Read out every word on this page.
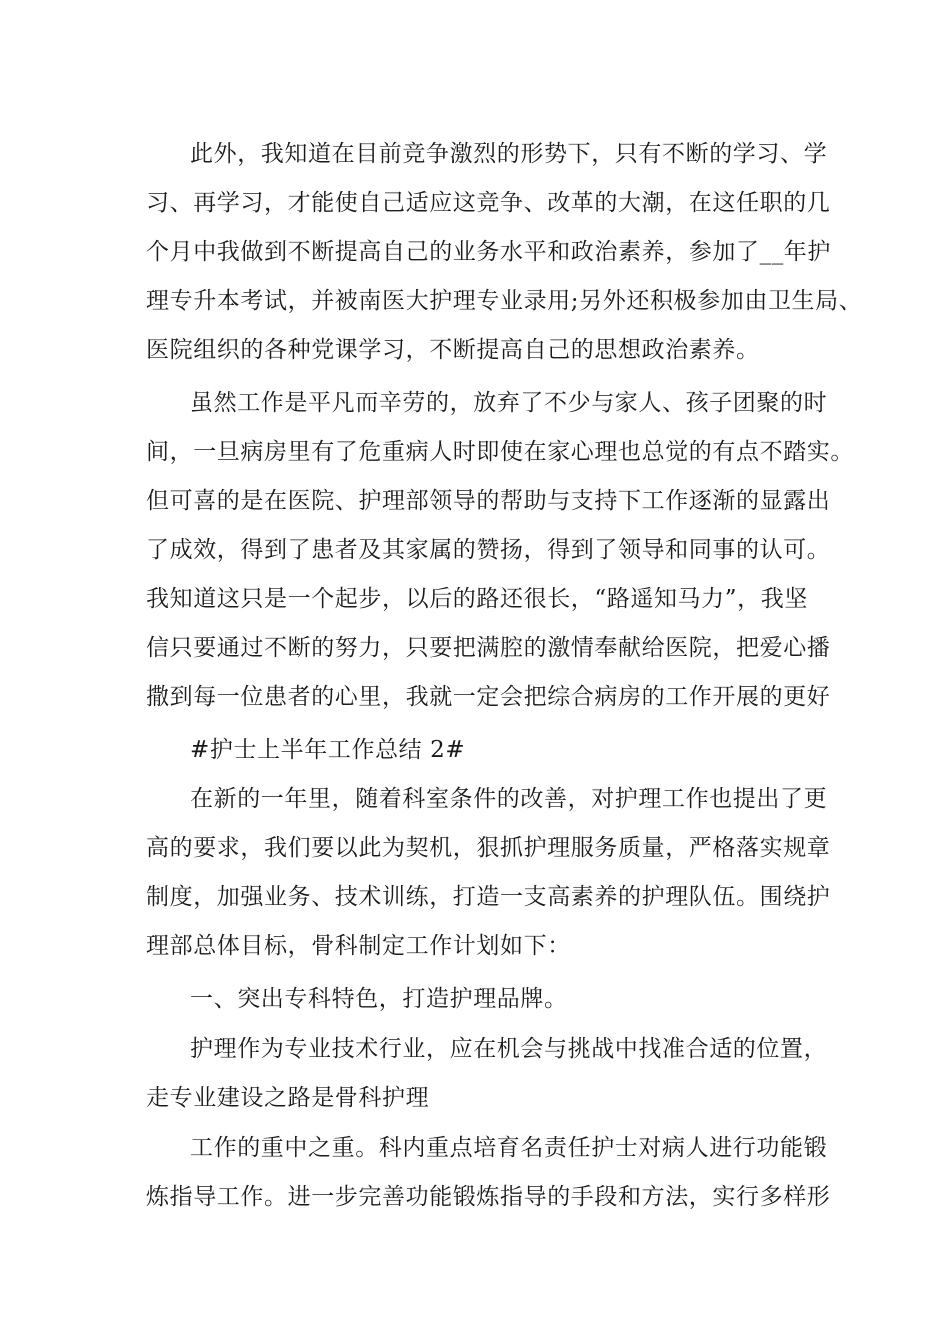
此外，我知道在目前竞争激烈的形势下，只有不断的学习、学
习、再学习，才能使自己适应这竞争、改革的大潮，在这任职的几
个月中我做到不断提高自己的业务水平和政治素养，参加了__年护
理专升本考试，并被南医大护理专业录用;另外还积极参加由卫生局、
医院组织的各种党课学习，不断提高自己的思想政治素养。
虽然工作是平凡而辛劳的，放弃了不少与家人、孩子团聚的时
间，一旦病房里有了危重病人时即使在家心理也总觉的有点不踏实。
但可喜的是在医院、护理部领导的帮助与支持下工作逐渐的显露出
了成效，得到了患者及其家属的赞扬，得到了领导和同事的认可。
我知道这只是一个起步，以后的路还很长，“路遥知马力”，我坚
信只要通过不断的努力，只要把满腔的激情奉献给医院，把爱心播
撒到每一位患者的心里，我就一定会把综合病房的工作开展的更好
#护士上半年工作总结 2#
在新的一年里，随着科室条件的改善，对护理工作也提出了更
高的要求，我们要以此为契机，狠抓护理服务质量，严格落实规章
制度，加强业务、技术训练，打造一支高素养的护理队伍。围绕护
理部总体目标，骨科制定工作计划如下：
一、突出专科特色，打造护理品牌。
护理作为专业技术行业，应在机会与挑战中找准合适的位置，
走专业建设之路是骨科护理
工作的重中之重。科内重点培育名责任护士对病人进行功能锻
炼指导工作。进一步完善功能锻炼指导的手段和方法，实行多样形
